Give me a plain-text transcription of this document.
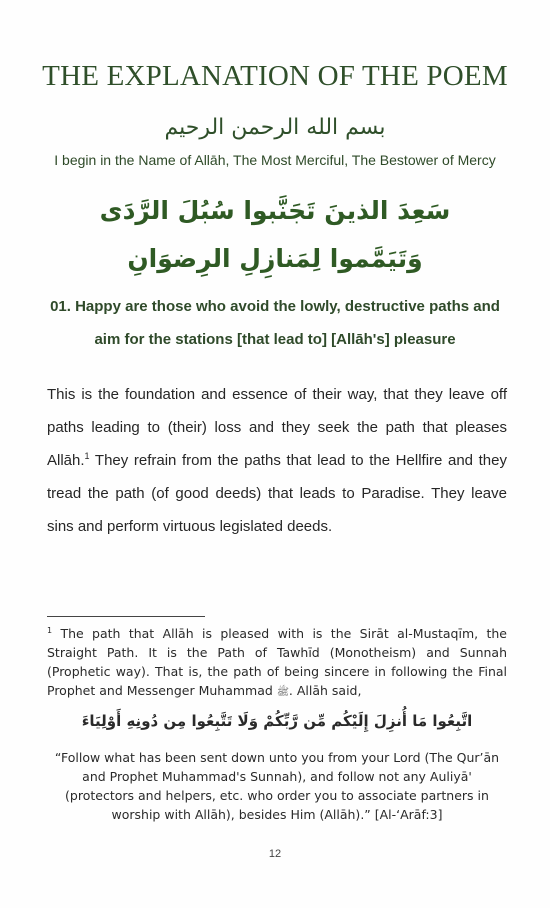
THE EXPLANATION OF THE POEM
بسم الله الرحمن الرحيم
I begin in the Name of Allāh, The Most Merciful, The Bestower of Mercy
سَعِدَ الذينَ تَجَنَّبوا سُبُلَ الرَّدَى
وَتَيَمَّموا لِمَنازِلِ الرِضوَانِ
01. Happy are those who avoid the lowly, destructive paths and
aim for the stations [that lead to] [Allāh's] pleasure
This is the foundation and essence of their way, that they leave off paths leading to (their) loss and they seek the path that pleases Allāh.$^1$ They refrain from the paths that lead to the Hellfire and they tread the path (of good deeds) that leads to Paradise. They leave sins and perform virtuous legislated deeds.
$^1$ The path that Allāh is pleased with is the Sirāt al-Mustaqīm, the Straight Path. It is the Path of Tawhīd (Monotheism) and Sunnah (Prophetic way). That is, the path of being sincere in following the Final Prophet and Messenger Muhammad ﷺ. Allāh said,
اتَّبِعُوا مَا أُنزِلَ إِلَيْكُم مِّن رَّبِّكُمْ وَلَا تَتَّبِعُوا مِن دُونِهِ أَوْلِيَاءَ
“Follow what has been sent down unto you from your Lord (The Qur’ān and Prophet Muhammad's Sunnah), and follow not any Auliyā' (protectors and helpers, etc. who order you to associate partners in worship with Allāh), besides Him (Allāh).” [Al-‘Arāf:3]
12
